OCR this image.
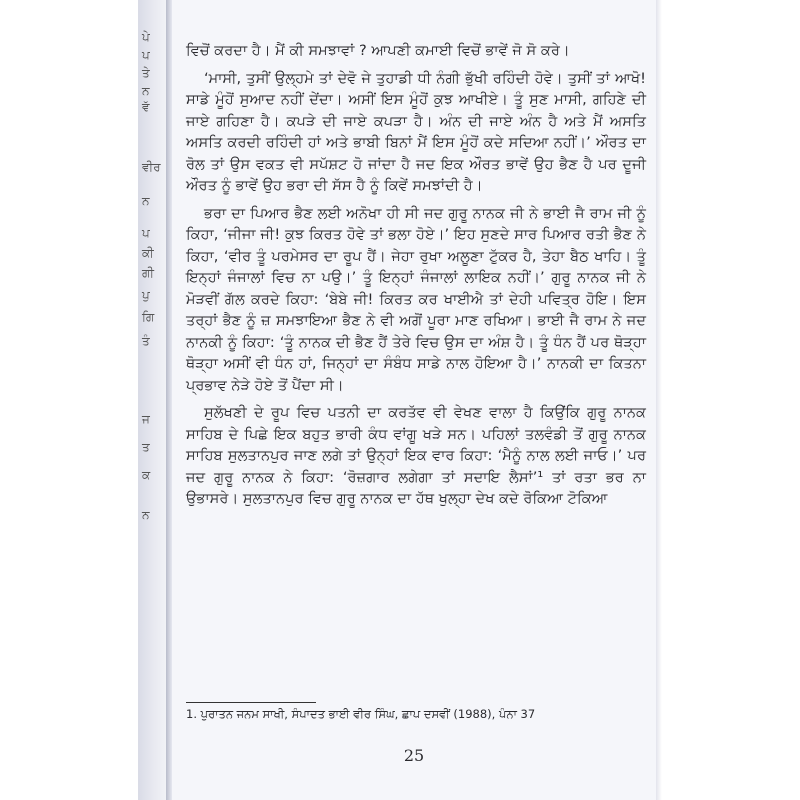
ਪੇ
ਪ
ਤੇ
ਨ
ਵੱ
ਵੀਰ
ਨ
ਪ
ਕੀ
ਗੀ
ਪੁ
ਗਿ
ਤੰ
ਜ
ਤ
ਕ
ਨ

ਵਿਚੋਂ ਕਰਦਾ ਹੈ। ਮੈਂ ਕੀ ਸਮਝਾਵਾਂ ? ਆਪਣੀ ਕਮਾਈ ਵਿਚੋਂ ਭਾਵੇਂ ਜੋ ਸੋ ਕਰੇ।

‘ਮਾਸੀ, ਤੁਸੀਂ ਉਲ੍ਹਮੇ ਤਾਂ ਦੇਵੋ ਜੇ ਤੁਹਾਡੀ ਧੀ ਨੰਗੀ ਭੁੱਖੀ ਰਹਿੰਦੀ ਹੋਵੇ। ਤੁਸੀਂ ਤਾਂ ਆਖੋ! ਸਾਡੇ ਮੂੰਹੋਂ ਸੁਆਦ ਨਹੀਂ ਦੇਂਦਾ। ਅਸੀਂ ਇਸ ਮੂੰਹੋਂ ਕੁਝ ਆਖੀਏ। ਤੂੰ ਸੁਣ ਮਾਸੀ, ਗਹਿਣੇ ਦੀ ਜਾਏ ਗਹਿਣਾ ਹੈ। ਕਪੜੇ ਦੀ ਜਾਏ ਕਪੜਾ ਹੈ। ਅੰਨ ਦੀ ਜਾਏ ਅੰਨ ਹੈ ਅਤੇ ਮੈਂ ਅਸਤਿ ਅਸਤਿ ਕਰਦੀ ਰਹਿੰਦੀ ਹਾਂ ਅਤੇ ਭਾਬੀ ਬਿਨਾਂ ਮੈਂ ਇਸ ਮੂੰਹੋਂ ਕਦੇ ਸਦਿਆ ਨਹੀਂ।’ ਔਰਤ ਦਾ ਰੋਲ ਤਾਂ ਉਸ ਵਕਤ ਵੀ ਸਪੱਸ਼ਟ ਹੋ ਜਾਂਦਾ ਹੈ ਜਦ ਇਕ ਔਰਤ ਭਾਵੇਂ ਉਹ ਭੈਣ ਹੈ ਪਰ ਦੂਜੀ ਔਰਤ ਨੂੰ ਭਾਵੇਂ ਉਹ ਭਰਾ ਦੀ ਸੱਸ ਹੈ ਨੂੰ ਕਿਵੇਂ ਸਮਝਾਂਦੀ ਹੈ।

ਭਰਾ ਦਾ ਪਿਆਰ ਭੈਣ ਲਈ ਅਨੋਖਾ ਹੀ ਸੀ ਜਦ ਗੁਰੂ ਨਾਨਕ ਜੀ ਨੇ ਭਾਈ ਜੈ ਰਾਮ ਜੀ ਨੂੰ ਕਿਹਾ, ‘ਜੀਜਾ ਜੀ! ਕੁਝ ਕਿਰਤ ਹੋਵੇ ਤਾਂ ਭਲਾ ਹੋਏ।’ ਇਹ ਸੁਣਦੇ ਸਾਰ ਪਿਆਰ ਰਤੀ ਭੈਣ ਨੇ ਕਿਹਾ, ‘ਵੀਰ ਤੂੰ ਪਰਮੇਸਰ ਦਾ ਰੂਪ ਹੈਂ। ਜੇਹਾ ਰੁਖਾ ਅਲੂਣਾ ਟੁੱਕਰ ਹੈ, ਤੇਹਾ ਬੈਠ ਖਾਹਿ। ਤੂੰ ਇਨ੍ਹਾਂ ਜੰਜਾਲਾਂ ਵਿਚ ਨਾ ਪਉ।’ ਤੂੰ ਇਨ੍ਹਾਂ ਜੰਜਾਲਾਂ ਲਾਇਕ ਨਹੀਂ।’ ਗੁਰੂ ਨਾਨਕ ਜੀ ਨੇ ਮੋੜਵੀਂ ਗੱਲ ਕਰਦੇ ਕਿਹਾ: ‘ਬੇਬੇ ਜੀ! ਕਿਰਤ ਕਰ ਖਾਈਐ ਤਾਂ ਦੇਹੀ ਪਵਿਤ੍ਰ ਹੋਇ। ਇਸ ਤਰ੍ਹਾਂ ਭੈਣ ਨੂੰ ਜ਼ ਸਮਝਾਇਆ ਭੈਣ ਨੇ ਵੀ ਅਗੋਂ ਪੂਰਾ ਮਾਣ ਰਖਿਆ। ਭਾਈ ਜੈ ਰਾਮ ਨੇ ਜਦ ਨਾਨਕੀ ਨੂੰ ਕਿਹਾ: ‘ਤੂੰ ਨਾਨਕ ਦੀ ਭੈਣ ਹੈਂ ਤੇਰੇ ਵਿਚ ਉਸ ਦਾ ਅੰਸ਼ ਹੈ। ਤੂੰ ਧੰਨ ਹੈਂ ਪਰ ਥੋੜ੍ਹਾ ਥੋੜ੍ਹਾ ਅਸੀਂ ਵੀ ਧੰਨ ਹਾਂ, ਜਿਨ੍ਹਾਂ ਦਾ ਸੰਬੰਧ ਸਾਡੇ ਨਾਲ ਹੋਇਆ ਹੈ।’ ਨਾਨਕੀ ਦਾ ਕਿਤਨਾ ਪ੍ਰਭਾਵ ਨੇੜੇ ਹੋਏ ਤੋਂ ਪੈਂਦਾ ਸੀ।

ਸੁਲੱਖਣੀ ਦੇ ਰੂਪ ਵਿਚ ਪਤਨੀ ਦਾ ਕਰਤੱਵ ਵੀ ਵੇਖਣ ਵਾਲਾ ਹੈ ਕਿਉਂਕਿ ਗੁਰੂ ਨਾਨਕ ਸਾਹਿਬ ਦੇ ਪਿਛੇ ਇਕ ਬਹੁਤ ਭਾਰੀ ਕੰਧ ਵਾਂਗੂ ਖੜੇ ਸਨ। ਪਹਿਲਾਂ ਤਲਵੰਡੀ ਤੋਂ ਗੁਰੂ ਨਾਨਕ ਸਾਹਿਬ ਸੁਲਤਾਨਪੁਰ ਜਾਣ ਲਗੇ ਤਾਂ ਉਨ੍ਹਾਂ ਇਕ ਵਾਰ ਕਿਹਾ: ‘ਮੈਨੂੰ ਨਾਲ ਲਈ ਜਾਓ।’ ਪਰ ਜਦ ਗੁਰੂ ਨਾਨਕ ਨੇ ਕਿਹਾ: ‘ਰੋਜ਼ਗਾਰ ਲਗੇਗਾ ਤਾਂ ਸਦਾਇ ਲੈਸਾਂ’¹ ਤਾਂ ਰਤਾ ਭਰ ਨਾ ਉਭਾਸਰੇ। ਸੁਲਤਾਨਪੁਰ ਵਿਚ ਗੁਰੂ ਨਾਨਕ ਦਾ ਹੱਥ ਖੁਲ੍ਹਾ ਦੇਖ ਕਦੇ ਰੋਕਿਆ ਟੋਕਿਆ

1. ਪੁਰਾਤਨ ਜਨਮ ਸਾਖੀ, ਸੰਪਾਦਤ ਭਾਈ ਵੀਰ ਸਿੰਘ, ਛਾਪ ਦਸਵੀਂ (1988), ਪੰਨਾ 37
25
